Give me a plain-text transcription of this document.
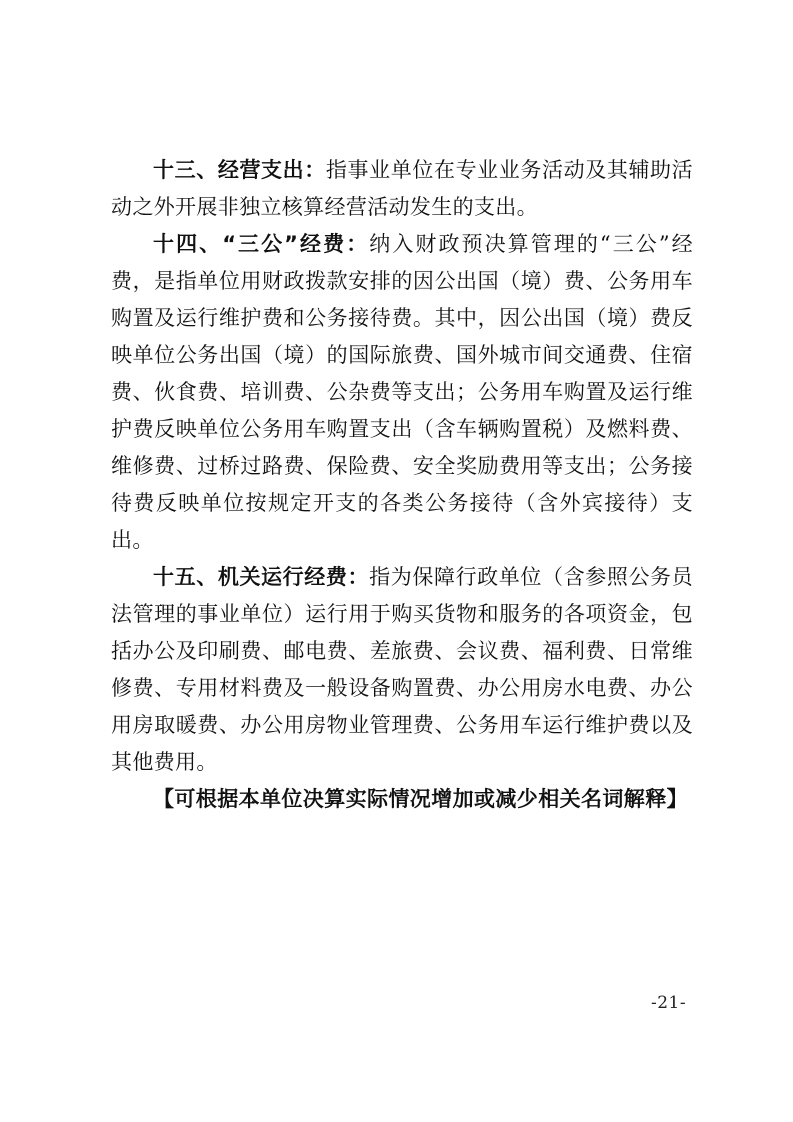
十三、经营支出：指事业单位在专业业务活动及其辅助活动之外开展非独立核算经营活动发生的支出。

十四、“三公”经费：纳入财政预决算管理的“三公”经费，是指单位用财政拨款安排的因公出国（境）费、公务用车购置及运行维护费和公务接待费。其中，因公出国（境）费反映单位公务出国（境）的国际旅费、国外城市间交通费、住宿费、伙食费、培训费、公杂费等支出；公务用车购置及运行维护费反映单位公务用车购置支出（含车辆购置税）及燃料费、维修费、过桥过路费、保险费、安全奖励费用等支出；公务接待费反映单位按规定开支的各类公务接待（含外宾接待）支出。

十五、机关运行经费：指为保障行政单位（含参照公务员法管理的事业单位）运行用于购买货物和服务的各项资金，包括办公及印刷费、邮电费、差旅费、会议费、福利费、日常维修费、专用材料费及一般设备购置费、办公用房水电费、办公用房取暖费、办公用房物业管理费、公务用车运行维护费以及其他费用。

【可根据本单位决算实际情况增加或减少相关名词解释】

-21-
